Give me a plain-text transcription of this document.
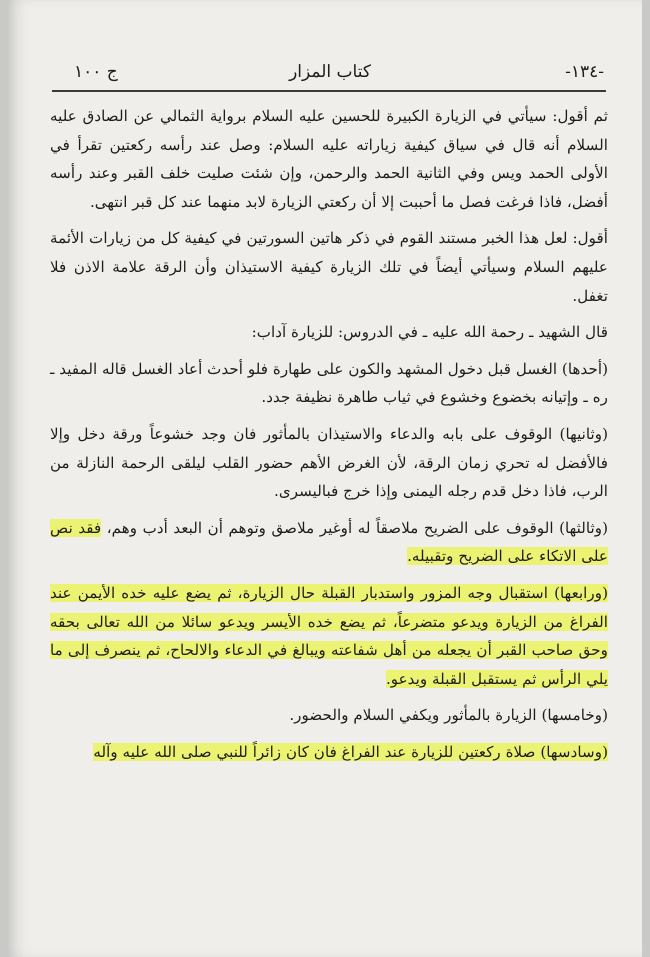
-١٣٤-
كتاب المزار
ج ١٠٠

ثم أقول: سيأتي في الزيارة الكبيرة للحسين عليه السلام برواية الثمالي عن الصادق عليه السلام أنه قال في سياق كيفية زياراته عليه السلام: وصل عند رأسه ركعتين تقرأ في الأولى الحمد ويس وفي الثانية الحمد والرحمن، وإن شئت صليت خلف القبر وعند رأسه أفضل، فاذا فرغت فصل ما أحببت إلا أن ركعتي الزيارة لابد منهما عند كل قبر انتهى.

أقول: لعل هذا الخبر مستند القوم في ذكر هاتين السورتين في كيفية كل من زيارات الأئمة عليهم السلام وسيأتي أيضاً في تلك الزيارة كيفية الاستيذان وأن الرقة علامة الاذن فلا تغفل.

قال الشهيد ـ رحمة الله عليه ـ في الدروس: للزيارة آداب:

(أحدها) الغسل قبل دخول المشهد والكون على طهارة فلو أحدث أعاد الغسل قاله المفيد ـ ره ـ وإتيانه بخضوع وخشوع في ثياب طاهرة نظيفة جدد.

(وثانيها) الوقوف على بابه والدعاء والاستيذان بالمأثور فان وجد خشوعاً ورقة دخل وإلا فالأفضل له تحري زمان الرقة، لأن الغرض الأهم حضور القلب ليلقى الرحمة النازلة من الرب، فاذا دخل قدم رجله اليمنى وإذا خرج فباليسرى.

(وثالثها) الوقوف على الضريح ملاصقاً له أوغير ملاصق وتوهم أن البعد أدب وهم، فقد نص على الاتكاء على الضريح وتقبيله.

(ورابعها) استقبال وجه المزور واستدبار القبلة حال الزيارة، ثم يضع عليه خده الأيمن عند الفراغ من الزيارة ويدعو متضرعاً، ثم يضع خده الأيسر ويدعو سائلا من الله تعالى بحقه وحق صاحب القبر أن يجعله من أهل شفاعته ويبالغ في الدعاء والالحاح، ثم ينصرف إلى ما يلي الرأس ثم يستقبل القبلة ويدعو.

(وخامسها) الزيارة بالمأثور ويكفي السلام والحضور.

(وسادسها) صلاة ركعتين للزيارة عند الفراغ فان كان زائراً للنبي صلى الله عليه وآله
